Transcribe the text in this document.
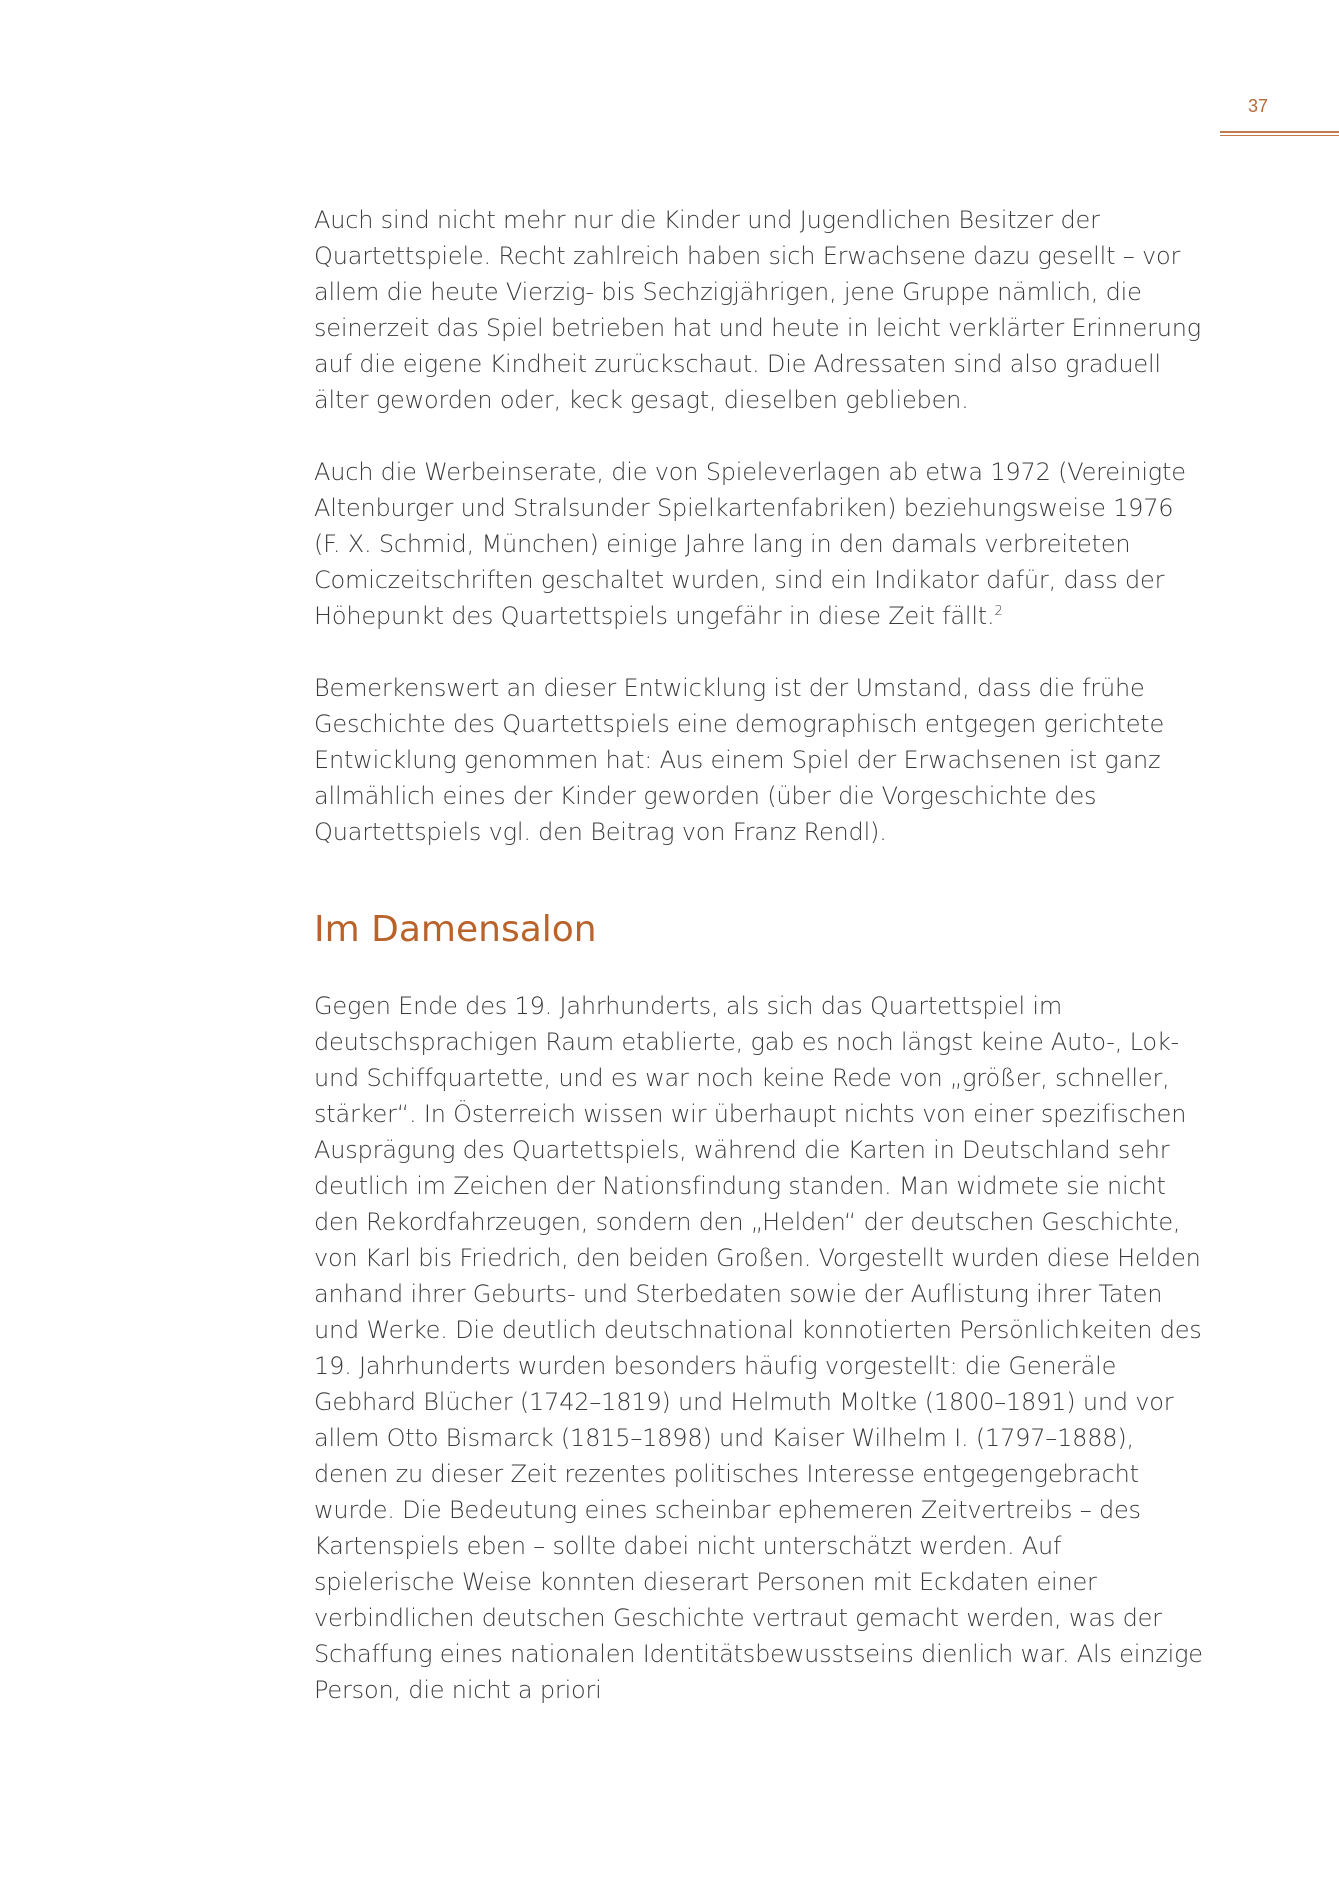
37

Auch sind nicht mehr nur die Kinder und Jugendlichen Besitzer der Quartettspiele. Recht zahlreich haben sich Erwachsene dazu gesellt – vor allem die heute Vierzig- bis Sechzigjährigen, jene Gruppe nämlich, die seinerzeit das Spiel betrieben hat und heute in leicht verklärter Erinnerung auf die eigene Kindheit zurückschaut. Die Adressaten sind also graduell älter geworden oder, keck gesagt, dieselben geblieben.

Auch die Werbeinserate, die von Spieleverlagen ab etwa 1972 (Vereinigte Altenburger und Stralsunder Spielkartenfabriken) beziehungsweise 1976 (F. X. Schmid, München) einige Jahre lang in den damals verbreiteten Comiczeitschriften geschaltet wurden, sind ein Indikator dafür, dass der Höhepunkt des Quartettspiels ungefähr in diese Zeit fällt.$^2$

Bemerkenswert an dieser Entwicklung ist der Umstand, dass die frühe Geschichte des Quartettspiels eine demographisch entgegen gerichtete Entwicklung genommen hat: Aus einem Spiel der Erwachsenen ist ganz allmählich eines der Kinder geworden (über die Vorgeschichte des Quartettspiels vgl. den Beitrag von Franz Rendl).

Im Damensalon

Gegen Ende des 19. Jahrhunderts, als sich das Quartettspiel im deutschsprachigen Raum etablierte, gab es noch längst keine Auto-, Lok- und Schiffquartette, und es war noch keine Rede von „größer, schneller, stärker“. In Österreich wissen wir überhaupt nichts von einer spezifischen Ausprägung des Quartettspiels, während die Karten in Deutschland sehr deutlich im Zeichen der Nationsfindung standen. Man widmete sie nicht den Rekordfahrzeugen, sondern den „Helden“ der deutschen Geschichte, von Karl bis Friedrich, den beiden Großen. Vorgestellt wurden diese Helden anhand ihrer Geburts- und Sterbedaten sowie der Auflistung ihrer Taten und Werke. Die deutlich deutschnational konnotierten Persönlichkeiten des 19. Jahrhunderts wurden besonders häufig vorgestellt: die Generäle Gebhard Blücher (1742–1819) und Helmuth Moltke (1800–1891) und vor allem Otto Bismarck (1815–1898) und Kaiser Wilhelm I. (1797–1888), denen zu dieser Zeit rezentes politisches Interesse entgegengebracht wurde. Die Bedeutung eines scheinbar ephemeren Zeitvertreibs – des Kartenspiels eben – sollte dabei nicht unterschätzt werden. Auf spielerische Weise konnten dieserart Personen mit Eckdaten einer verbindlichen deutschen Geschichte vertraut gemacht werden, was der Schaffung eines nationalen Identitätsbewusstseins dienlich war. Als einzige Person, die nicht a priori
